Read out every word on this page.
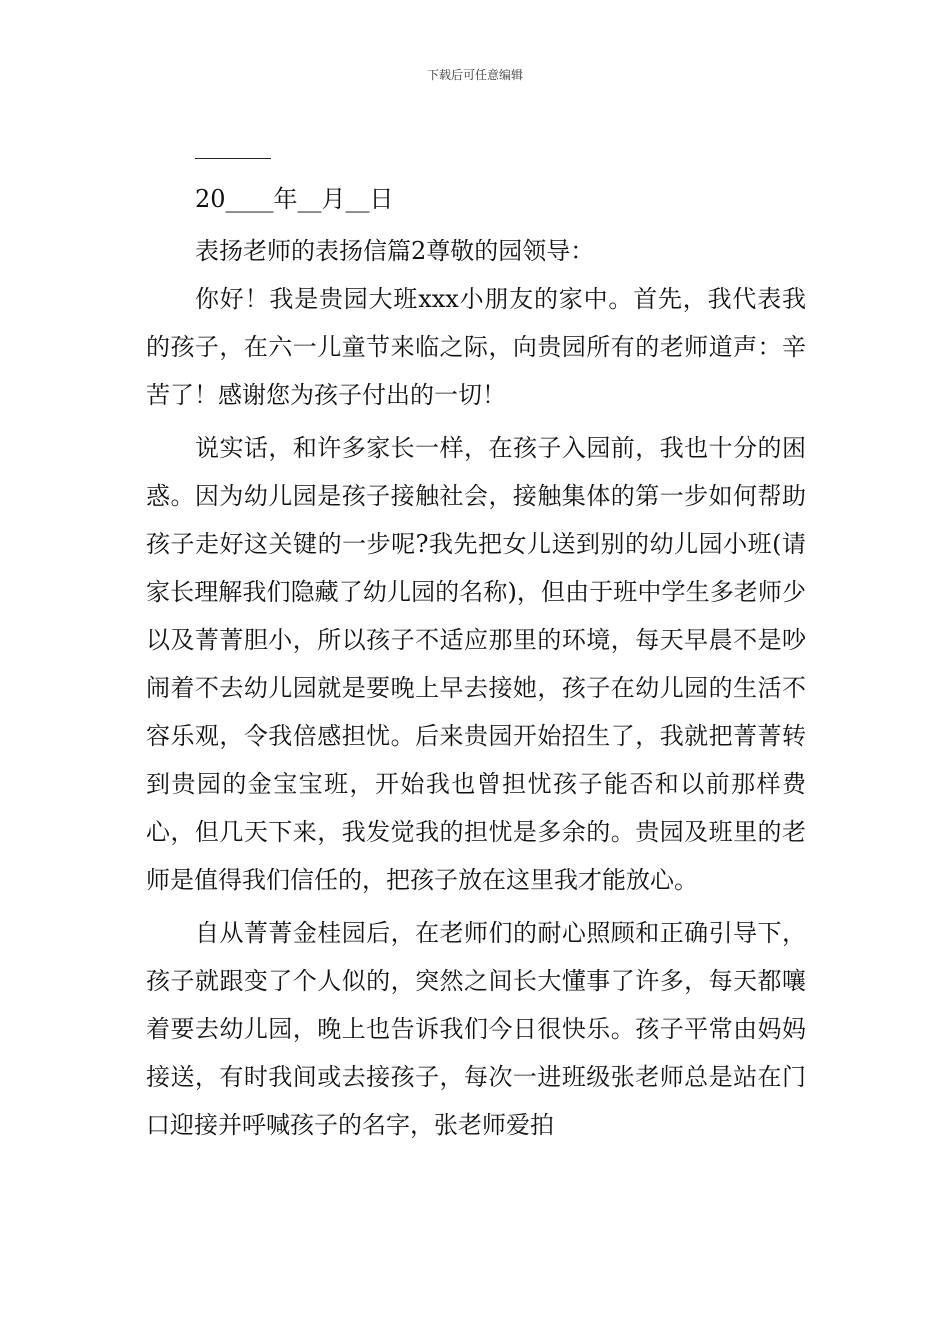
下载后可任意编辑
20____年__月__日

表扬老师的表扬信篇2尊敬的园领导：

你好！我是贵园大班xxx小朋友的家中。首先，我代表我的孩子，在六一儿童节来临之际，向贵园所有的老师道声：辛苦了！感谢您为孩子付出的一切！

说实话，和许多家长一样，在孩子入园前，我也十分的困惑。因为幼儿园是孩子接触社会，接触集体的第一步如何帮助孩子走好这关键的一步呢?我先把女儿送到别的幼儿园小班(请家长理解我们隐藏了幼儿园的名称)，但由于班中学生多老师少以及菁菁胆小，所以孩子不适应那里的环境，每天早晨不是吵闹着不去幼儿园就是要晚上早去接她，孩子在幼儿园的生活不容乐观，令我倍感担忧。后来贵园开始招生了，我就把菁菁转到贵园的金宝宝班，开始我也曾担忧孩子能否和以前那样费心，但几天下来，我发觉我的担忧是多余的。贵园及班里的老师是值得我们信任的，把孩子放在这里我才能放心。

自从菁菁金桂园后，在老师们的耐心照顾和正确引导下，孩子就跟变了个人似的，突然之间长大懂事了许多，每天都嚷着要去幼儿园，晚上也告诉我们今日很快乐。孩子平常由妈妈接送，有时我间或去接孩子，每次一进班级张老师总是站在门口迎接并呼喊孩子的名字，张老师爱拍
